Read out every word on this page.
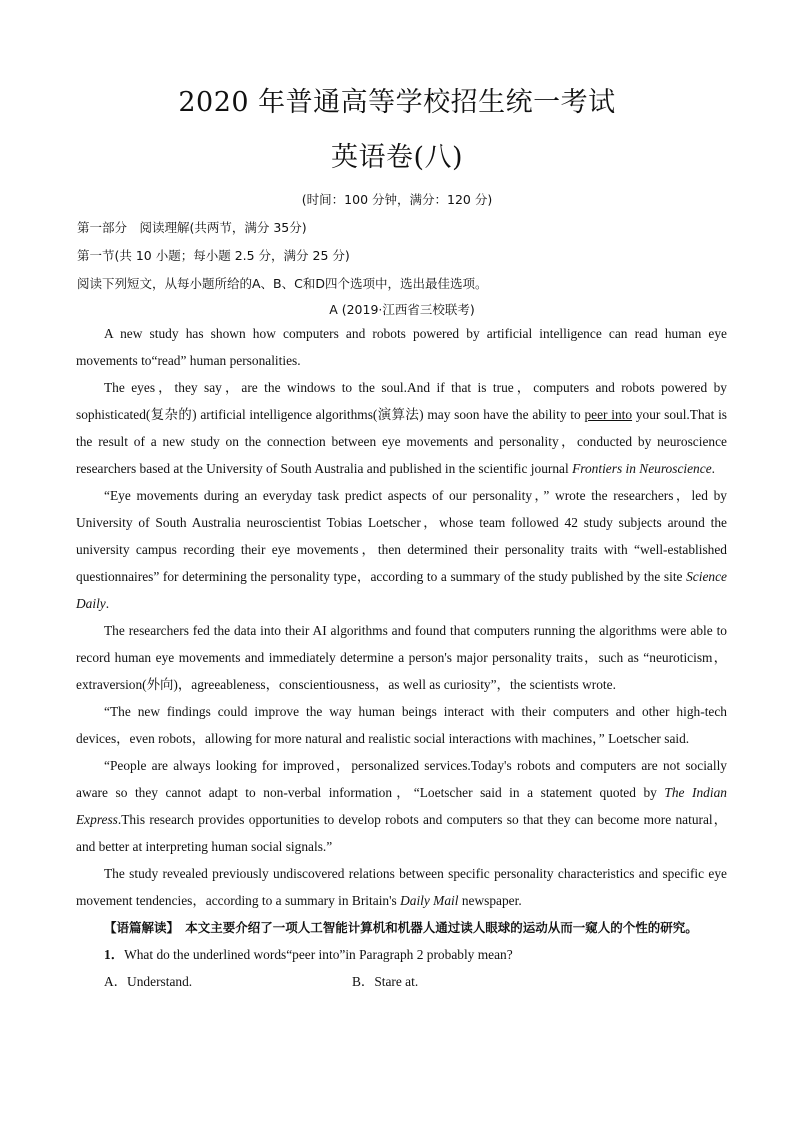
2020 年普通高等学校招生统一考试
英语卷(八)
(时间：100 分钟，满分：120 分)
第一部分　阅读理解(共两节，满分 35分)
第一节(共 10 小题；每小题 2.5 分，满分 25 分)
阅读下列短文，从每小题所给的A、B、C和D四个选项中，选出最佳选项。
A (2019·江西省三校联考)

A new study has shown how computers and robots powered by artificial intelligence can read human eye movements to“read” human personalities.

The eyes，they say，are the windows to the soul.And if that is true，computers and robots powered by sophisticated(复杂的) artificial intelligence algorithms(演算法) may soon have the ability to peer into your soul.That is the result of a new study on the connection between eye movements and personality，conducted by neuroscience researchers based at the University of South Australia and published in the scientific journal Frontiers in Neuroscience.

“Eye movements during an everyday task predict aspects of our personality，” wrote the researchers，led by University of South Australia neuroscientist Tobias Loetscher，whose team followed 42 study subjects around the university campus recording their eye movements，then determined their personality traits with “well-established questionnaires” for determining the personality type，according to a summary of the study published by the site Science Daily.

The researchers fed the data into their AI algorithms and found that computers running the algorithms were able to record human eye movements and immediately determine a person's major personality traits，such as “neuroticism，extraversion(外向)，agreeableness，conscientiousness，as well as curiosity”，the scientists wrote.

“The new findings could improve the way human beings interact with their computers and other high-tech devices，even robots，allowing for more natural and realistic social interactions with machines，” Loetscher said.

“People are always looking for improved，personalized services.Today's robots and computers are not socially aware so they cannot adapt to non-verbal information，“Loetscher said in a statement quoted by The Indian Express.This research provides opportunities to develop robots and computers so that they can become more natural，and better at interpreting human social signals.”

The study revealed previously undiscovered relations between specific personality characteristics and specific eye movement tendencies，according to a summary in Britain's Daily Mail newspaper.

【语篇解读】　本文主要介绍了一项人工智能计算机和机器人通过读人眼球的运动从而一窥人的个性的研究。

1．What do the underlined words“peer into”in Paragraph 2 probably mean?

A．Understand.	B．Stare at.
